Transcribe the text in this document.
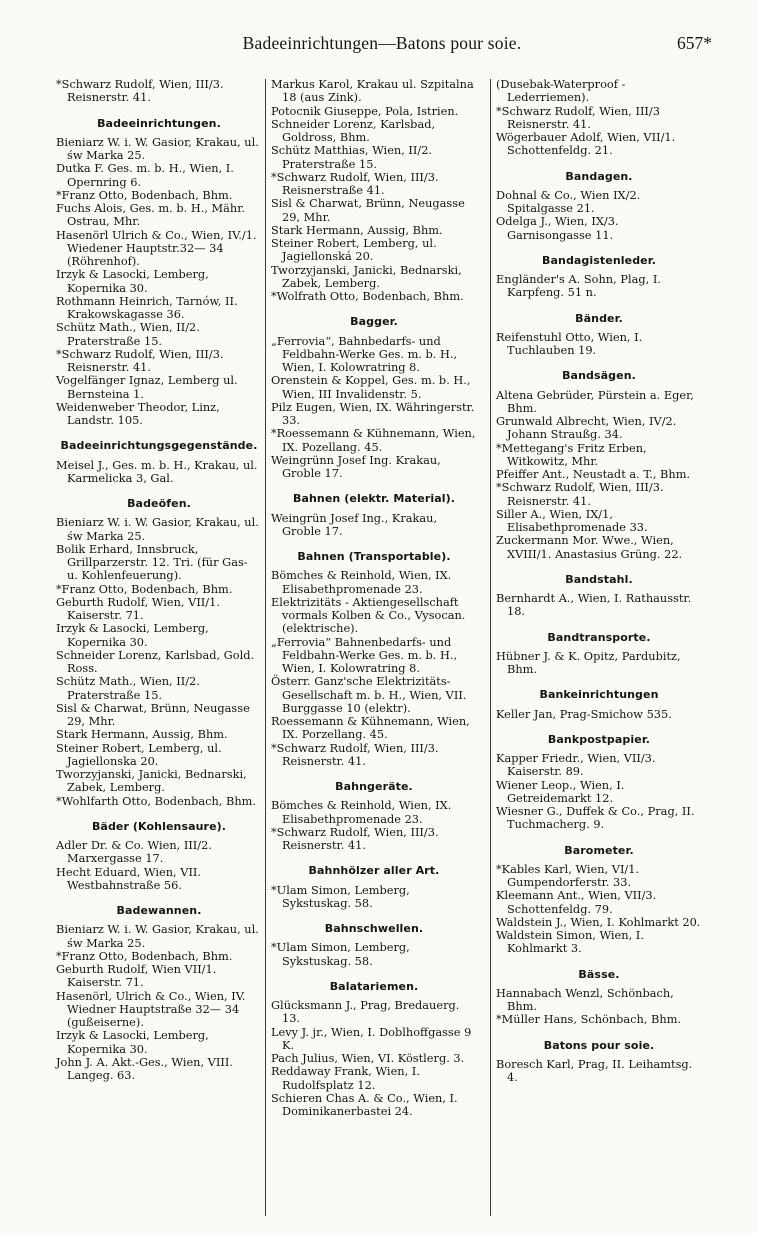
Badeeinrichtungen—Batons pour soie.	657*

*Schwarz Rudolf, Wien, III/3. Reisnerstr. 41.

Badeeinrichtungen.

Bieniarz W. i. W. Gasior, Krakau, ul. św Marka 25.

Dutka F. Ges. m. b. H., Wien, I. Opernring 6.

*Franz Otto, Bodenbach, Bhm.

Fuchs Alois, Ges. m. b. H., Mähr. Ostrau, Mhr.

Hasenörl Ulrich & Co., Wien, IV./1. Wiedener Hauptstr.32— 34 (Röhrenhof).

Irzyk & Lasocki, Lemberg, Kopernika 30.

Rothmann Heinrich, Tarnów, II. Krakowskagasse 36.

Schütz Math., Wien, II/2. Praterstraße 15.

*Schwarz Rudolf, Wien, III/3. Reisnerstr. 41.

Vogelfänger Ignaz, Lemberg ul. Bernsteina 1.

Weidenweber Theodor, Linz, Landstr. 105.

Badeeinrichtungsgegenstände.

Meisel J., Ges. m. b. H., Krakau, ul. Karmelicka 3, Gal.

Badeöfen.

Bieniarz W. i. W. Gasior, Krakau, ul. św Marka 25.

Bolik Erhard, Innsbruck, Grillparzerstr. 12. Tri. (für Gas- u. Kohlenfeuerung).

*Franz Otto, Bodenbach, Bhm.

Geburth Rudolf, Wien, VII/1. Kaiserstr. 71.

Irzyk & Lasocki, Lemberg, Kopernika 30.

Schneider Lorenz, Karlsbad, Gold. Ross.

Schütz Math., Wien, II/2. Praterstraße 15.

Sisl & Charwat, Brünn, Neugasse 29, Mhr.

Stark Hermann, Aussig, Bhm.

Steiner Robert, Lemberg, ul. Jagiellonska 20.

Tworzyjanski, Janicki, Bednarski, Zabek, Lemberg.

*Wohlfarth Otto, Bodenbach, Bhm.

Bäder (Kohlensaure).

Adler Dr. & Co. Wien, III/2. Marxergasse 17.

Hecht Eduard, Wien, VII. Westbahnstraße 56.

Badewannen.

Bieniarz W. i. W. Gasior, Krakau, ul. św Marka 25.

*Franz Otto, Bodenbach, Bhm.

Geburth Rudolf, Wien VII/1. Kaiserstr. 71.

Hasenörl, Ulrich & Co., Wien, IV. Wiedner Hauptstraße 32— 34 (gußeiserne).

Irzyk & Lasocki, Lemberg, Kopernika 30.

John J. A. Akt.-Ges., Wien, VIII. Langeg. 63.

Markus Karol, Krakau ul. Szpitalna 18 (aus Zink).

Potocnik Giuseppe, Pola, Istrien.

Schneider Lorenz, Karlsbad, Goldross, Bhm.

Schütz Matthias, Wien, II/2. Praterstraße 15.

*Schwarz Rudolf, Wien, III/3. Reisnerstraße 41.

Sisl & Charwat, Brünn, Neugasse 29, Mhr.

Stark Hermann, Aussig, Bhm.

Steiner Robert, Lemberg, ul. Jagiellonská 20.

Tworzyjanski, Janicki, Bednarski, Zabek, Lemberg.

*Wolfrath Otto, Bodenbach, Bhm.

Bagger.

„Ferrovia“, Bahnbedarfs- und Feldbahn-Werke Ges. m. b. H., Wien, I. Kolowratring 8.

Orenstein & Koppel, Ges. m. b. H., Wien, III Invalidenstr. 5.

Pilz Eugen, Wien, IX. Währingerstr. 33.

*Roessemann & Kühnemann, Wien, IX. Pozellang. 45.

Weingrünn Josef Ing. Krakau, Groble 17.

Bahnen (elektr. Material).

Weingrün Josef Ing., Krakau, Groble 17.

Bahnen (Transportable).

Bömches & Reinhold, Wien, IX. Elisabethpromenade 23.

Elektrizitäts - Aktiengesellschaft vormals Kolben & Co., Vysocan. (elektrische).

„Ferrovia“ Bahnenbedarfs- und Feldbahn-Werke Ges. m. b. H., Wien, I. Kolowratring 8.

Österr. Ganz'sche Elektrizitäts-Gesellschaft m. b. H., Wien, VII. Burggasse 10 (elektr).

Roessemann & Kühnemann, Wien, IX. Porzellang. 45.

*Schwarz Rudolf, Wien, III/3. Reisnerstr. 41.

Bahngeräte.

Bömches & Reinhold, Wien, IX. Elisabethpromenade 23.

*Schwarz Rudolf, Wien, III/3. Reisnerstr. 41.

Bahnhölzer aller Art.

*Ulam Simon, Lemberg, Sykstuskag. 58.

Bahnschwellen.

*Ulam Simon, Lemberg, Sykstuskag. 58.

Balatariemen.

Glücksmann J., Prag, Bredauerg. 13.

Levy J. jr., Wien, I. Doblhoffgasse 9 K.

Pach Julius, Wien, VI. Köstlerg. 3.

Reddaway Frank, Wien, I. Rudolfsplatz 12.

Schieren Chas A. & Co., Wien, I. Dominikanerbastei 24.

(Dusebak-Waterproof - Lederriemen).

*Schwarz Rudolf, Wien, III/3 Reisnerstr. 41.

Wögerbauer Adolf, Wien, VII/1. Schottenfeldg. 21.

Bandagen.

Dohnal & Co., Wien IX/2. Spitalgasse 21.

Odelga J., Wien, IX/3. Garnisongasse 11.

Bandagistenleder.

Engländer's A. Sohn, Plag, I. Karpfeng. 51 n.

Bänder.

Reifenstuhl Otto, Wien, I. Tuchlauben 19.

Bandsägen.

Altena Gebrüder, Pürstein a. Eger, Bhm.

Grunwald Albrecht, Wien, IV/2. Johann Straußg. 34.

*Mettegang's Fritz Erben, Witkowitz, Mhr.

Pfeiffer Ant., Neustadt a. T., Bhm.

*Schwarz Rudolf, Wien, III/3. Reisnerstr. 41.

Siller A., Wien, IX/1, Elisabethpromenade 33.

Zuckermann Mor. Wwe., Wien, XVIII/1. Anastasius Grüng. 22.

Bandstahl.

Bernhardt A., Wien, I. Rathausstr. 18.

Bandtransporte.

Hübner J. & K. Opitz, Pardubitz, Bhm.

Bankeinrichtungen

Keller Jan, Prag-Smichow 535.

Bankpostpapier.

Kapper Friedr., Wien, VII/3. Kaiserstr. 89.

Wiener Leop., Wien, I. Getreidemarkt 12.

Wiesner G., Duffek & Co., Prag, II. Tuchmacherg. 9.

Barometer.

*Kables Karl, Wien, VI/1. Gumpendorferstr. 33.

Kleemann Ant., Wien, VII/3. Schottenfeldg. 79.

Waldstein J., Wien, I. Kohlmarkt 20.

Waldstein Simon, Wien, I. Kohlmarkt 3.

Bässe.

Hannabach Wenzl, Schönbach, Bhm.

*Müller Hans, Schönbach, Bhm.

Batons pour soie.

Boresch Karl, Prag, II. Leihamtsg. 4.
